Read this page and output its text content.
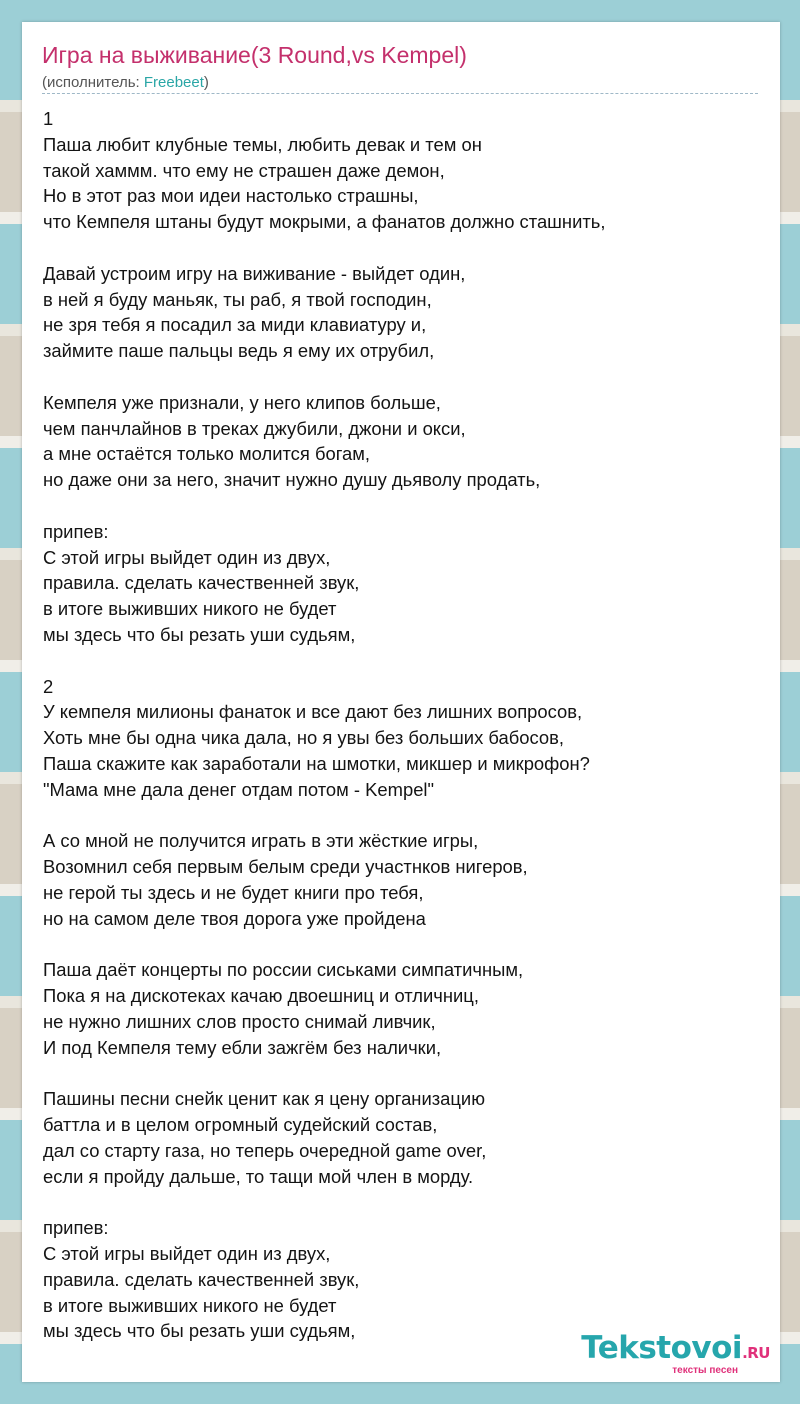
Игра на выживание(3 Round,vs Kempel)
(исполнитель: Freebeet)
1
Паша любит клубные темы, любить девак и тем он
такой хаммм. что ему не страшен даже демон,
Но в этот раз мои идеи настолько страшны,
что Кемпеля штаны будут мокрыми, а фанатов должно сташнить,
Давай устроим игру на виживание - выйдет один,
в ней я буду маньяк, ты раб, я твой господин,
не зря тебя я посадил за миди клавиатуру и,
займите паше пальцы ведь я ему их отрубил,
Кемпеля уже признали, у него клипов больше,
чем панчлайнов в треках джубили, джони и окси,
а мне остаётся только молится богам,
но даже они за него, значит нужно душу дьяволу продать,
припев:
С этой игры выйдет один из двух,
правила. сделать качественней звук,
в итоге выживших никого не будет
мы здесь что бы резать уши судьям,
2
У кемпеля милионы фанаток и все дают без лишних вопросов,
Хоть мне бы одна чика дала, но я увы без больших бабосов,
Паша скажите как заработали на шмотки, микшер и микрофон?
"Мама мне дала денег отдам потом - Kempel"
А со мной не получится играть в эти жёсткие игры,
Возомнил себя первым белым среди участнков нигеров,
не герой ты здесь и не будет книги про тебя,
но на самом деле твоя дорога уже пройдена
Паша даёт концерты по россии сиськами симпатичным,
Пока я на дискотеках качаю двоешниц и отличниц,
не нужно лишних слов просто снимай ливчик,
И под Кемпеля тему ебли зажгём без налички,
Пашины песни снейк ценит как я цену организацию
баттла и в целом огромный судейский состав,
дал со старту газа, но теперь очередной game over,
если я пройду дальше, то тащи мой член в морду.
припев:
С этой игры выйдет один из двух,
правила. сделать качественней звук,
в итоге выживших никого не будет
мы здесь что бы резать уши судьям,	Tekstovoi.RU
тексты песен
